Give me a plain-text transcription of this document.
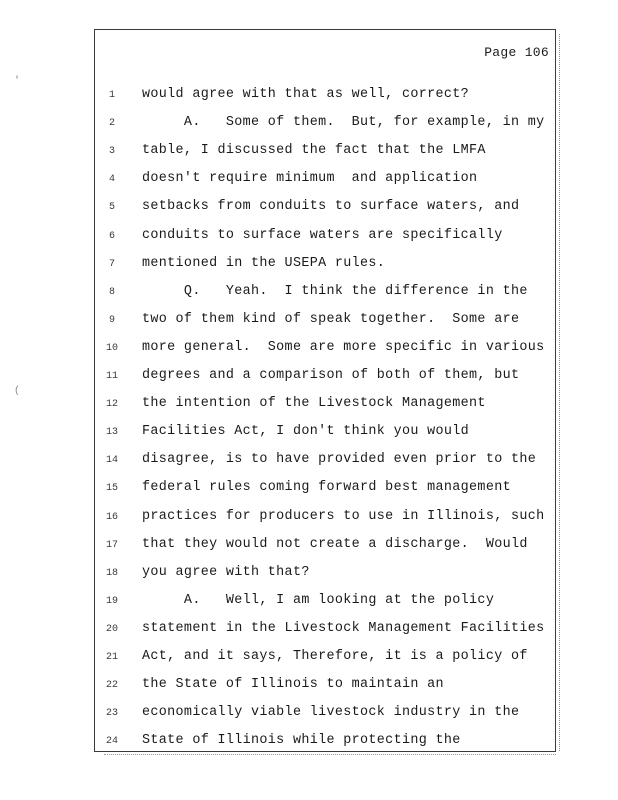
'
(
Page 106
1	would agree with that as well, correct?
2	A.   Some of them.  But, for example, in my
3	table, I discussed the fact that the LMFA
4	doesn't require minimum  and application
5	setbacks from conduits to surface waters, and
6	conduits to surface waters are specifically
7	mentioned in the USEPA rules.
8	Q.   Yeah.  I think the difference in the
9	two of them kind of speak together.  Some are
10	more general.  Some are more specific in various
11	degrees and a comparison of both of them, but
12	the intention of the Livestock Management
13	Facilities Act, I don't think you would
14	disagree, is to have provided even prior to the
15	federal rules coming forward best management
16	practices for producers to use in Illinois, such
17	that they would not create a discharge.  Would
18	you agree with that?
19	A.   Well, I am looking at the policy
20	statement in the Livestock Management Facilities
21	Act, and it says, Therefore, it is a policy of
22	the State of Illinois to maintain an
23	economically viable livestock industry in the
24	State of Illinois while protecting the
